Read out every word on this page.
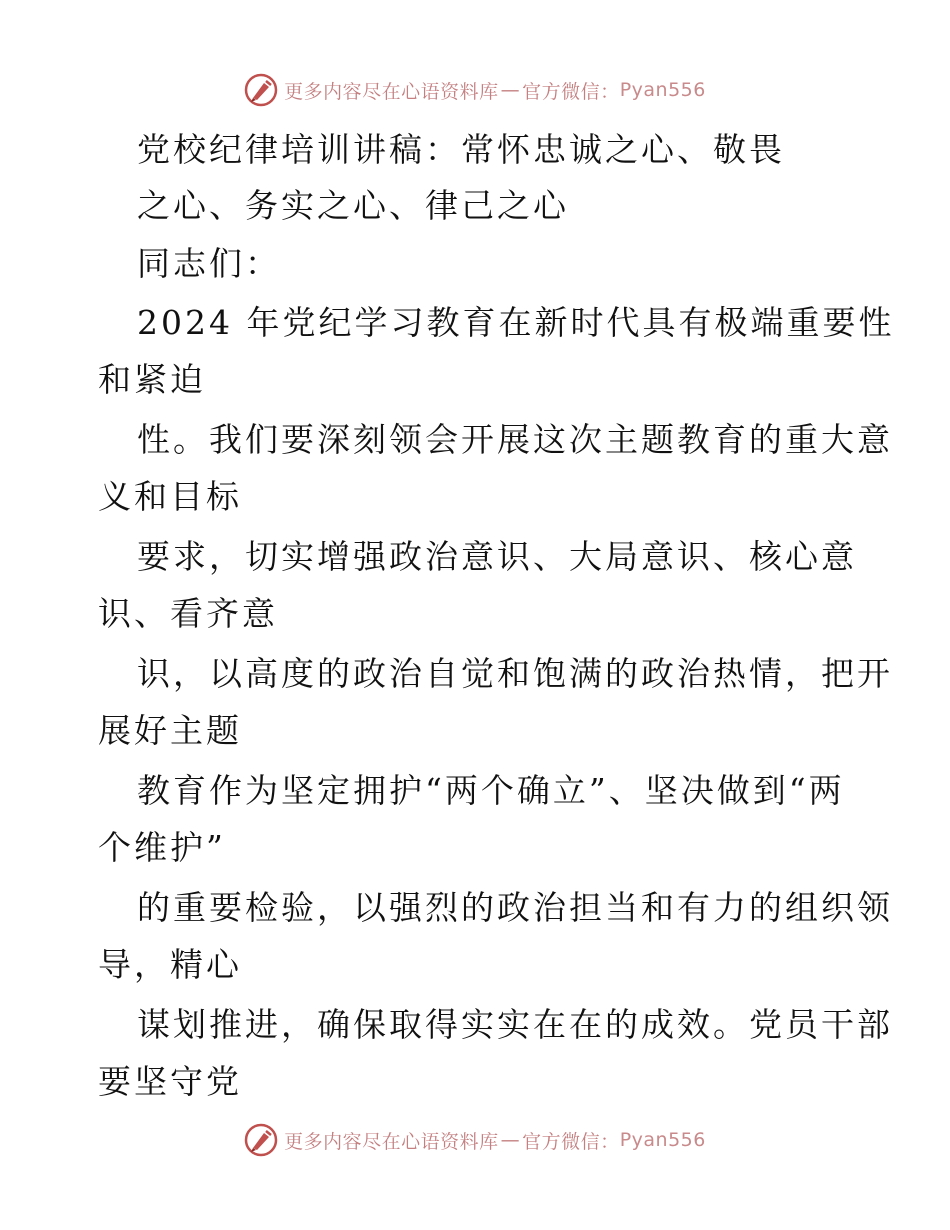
更多内容尽在心语资料库 — 官方微信： Pyan556
党校纪律培训讲稿：常怀忠诚之心、敬畏
之心、务实之心、律己之心
同志们：
2024 年党纪学习教育在新时代具有极端重要性
和紧迫
性。我们要深刻领会开展这次主题教育的重大意
义和目标
要求，切实增强政治意识、大局意识、核心意
识、看齐意
识，以高度的政治自觉和饱满的政治热情，把开
展好主题
教育作为坚定拥护“两个确立”、坚决做到“两
个维护”
的重要检验，以强烈的政治担当和有力的组织领
导，精心
谋划推进，确保取得实实在在的成效。党员干部
要坚守党
更多内容尽在心语资料库 — 官方微信： Pyan556
